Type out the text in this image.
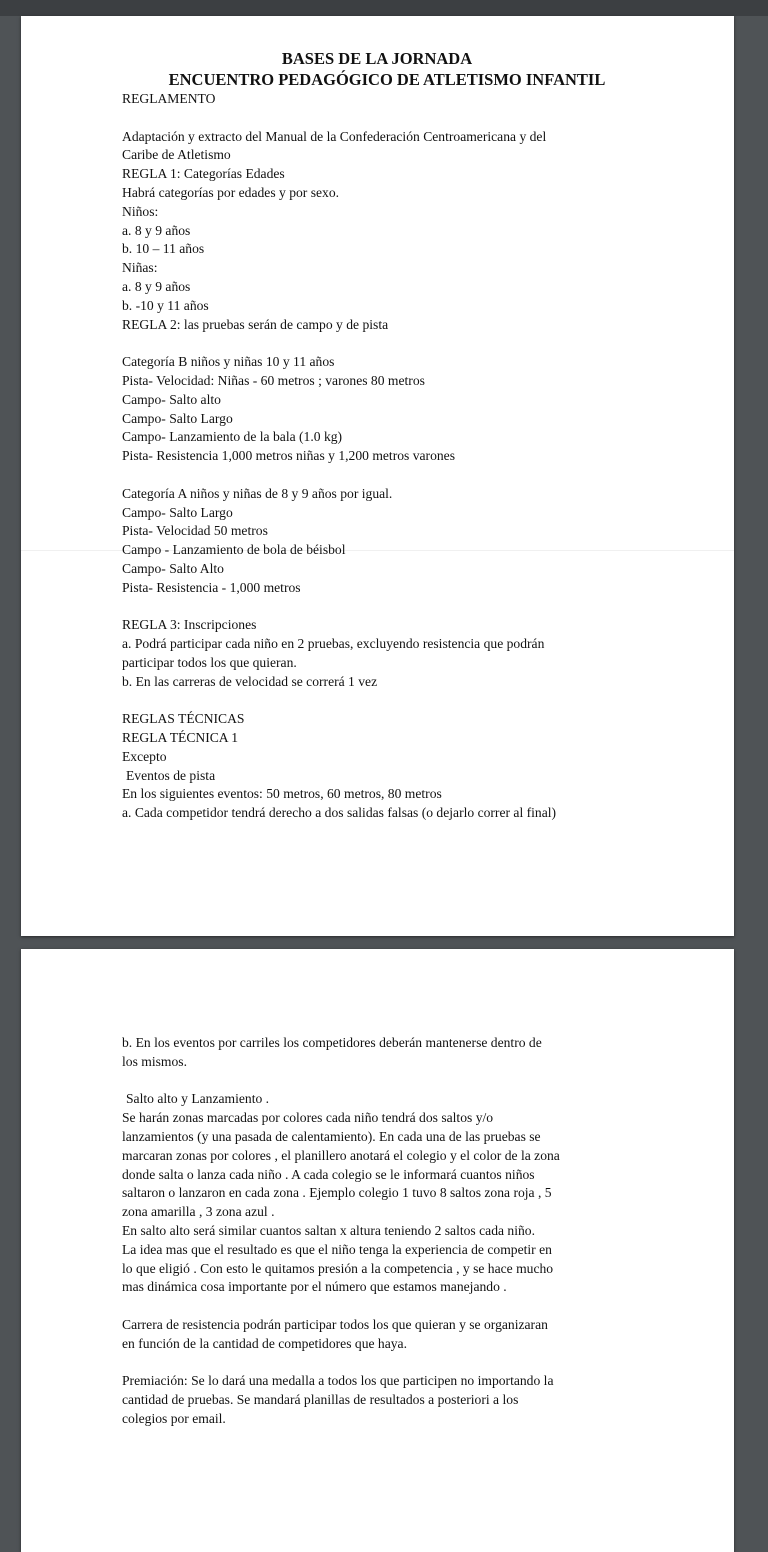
BASES DE LA JORNADA
ENCUENTRO PEDAGÓGICO DE ATLETISMO INFANTIL
REGLAMENTO
Adaptación y extracto del Manual de la Confederación Centroamericana y del
Caribe de Atletismo
REGLA 1: Categorías Edades
Habrá categorías por edades y por sexo.
Niños:
a. 8 y 9 años
b. 10 – 11 años
Niñas:
a. 8 y 9 años
b. -10 y 11 años
REGLA 2: las pruebas serán de campo y de pista
Categoría B niños y niñas 10 y 11 años
Pista- Velocidad: Niñas - 60 metros ; varones 80 metros
Campo- Salto alto
Campo- Salto Largo
Campo- Lanzamiento de la bala (1.0 kg)
Pista- Resistencia 1,000 metros niñas y 1,200 metros varones
Categoría A niños y niñas de 8 y 9 años por igual.
Campo- Salto Largo
Pista- Velocidad 50 metros
Campo - Lanzamiento de bola de béisbol
Campo- Salto Alto
Pista- Resistencia - 1,000 metros
REGLA 3: Inscripciones
a. Podrá participar cada niño en 2 pruebas, excluyendo resistencia que podrán
participar todos los que quieran.
b. En las carreras de velocidad se correrá 1 vez
REGLAS TÉCNICAS
REGLA TÉCNICA 1
Excepto
Eventos de pista
En los siguientes eventos: 50 metros, 60 metros, 80 metros
a. Cada competidor tendrá derecho a dos salidas falsas (o dejarlo correr al final)
b. En los eventos por carriles los competidores deberán mantenerse dentro de
los mismos.
Salto alto y Lanzamiento .
Se harán zonas marcadas por colores cada niño tendrá dos saltos y/o
lanzamientos (y una pasada de calentamiento). En cada una de las pruebas se
marcaran zonas por colores , el planillero anotará el colegio y el color de la zona
donde salta o lanza cada niño . A cada colegio se le informará cuantos niños
saltaron o lanzaron en cada zona . Ejemplo colegio 1 tuvo 8 saltos zona roja , 5
zona amarilla , 3 zona azul .
En salto alto será similar cuantos saltan x altura teniendo 2 saltos cada niño.
La idea mas que el resultado es que el niño tenga la experiencia de competir en
lo que eligió . Con esto le quitamos presión a la competencia , y se hace mucho
mas dinámica cosa importante por el número que estamos manejando .
Carrera de resistencia podrán participar todos los que quieran y se organizaran
en función de la cantidad de competidores que haya.
Premiación: Se lo dará una medalla a todos los que participen no importando la
cantidad de pruebas. Se mandará planillas de resultados a posteriori a los
colegios por email.
